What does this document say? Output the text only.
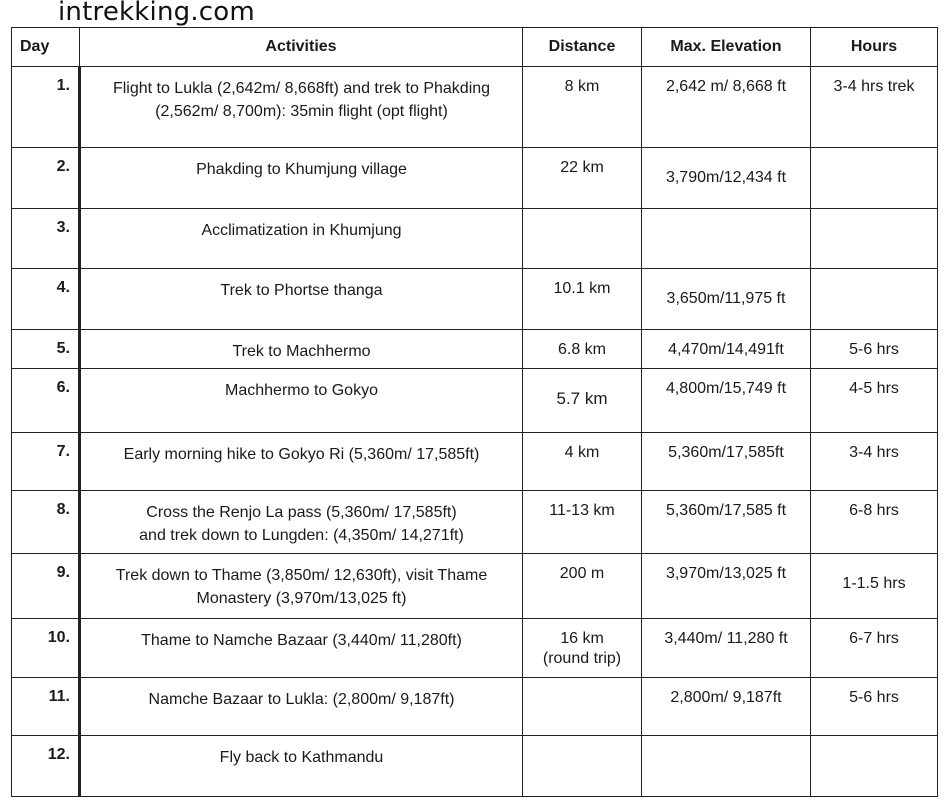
intrekking.com
Day	Activities	Distance	Max. Elevation	Hours
1.	Flight to Lukla (2,642m/ 8,668ft) and trek to Phakding
(2,562m/ 8,700m): 35min flight (opt flight)	8 km	2,642 m/ 8,668 ft	3-4 hrs trek
2.	Phakding to Khumjung village	22 km	3,790m/12,434 ft	
3.	Acclimatization in Khumjung			

4.	Trek to Phortse thanga	10.1 km	3,650m/11,975 ft	
5.	Trek to Machhermo	6.8 km	4,470m/14,491ft	5-6 hrs
6.	Machhermo to Gokyo	5.7 km	4,800m/15,749 ft	4-5 hrs
7.	Early morning hike to Gokyo Ri (5,360m/ 17,585ft)	4 km	5,360m/17,585ft	3-4 hrs
8.	Cross the Renjo La pass (5,360m/ 17,585ft)
and trek down to Lungden: (4,350m/ 14,271ft)	11-13 km	5,360m/17,585 ft	6-8 hrs
9.	Trek down to Thame (3,850m/ 12,630ft), visit Thame
Monastery (3,970m/13,025 ft)	200 m	3,970m/13,025 ft	1-1.5 hrs
10.	Thame to Namche Bazaar (3,440m/ 11,280ft)	16 km
(round trip)	3,440m/ 11,280 ft	6-7 hrs
11.	Namche Bazaar to Lukla: (2,800m/ 9,187ft)		2,800m/ 9,187ft	5-6 hrs
12.	Fly back to Kathmandu			
